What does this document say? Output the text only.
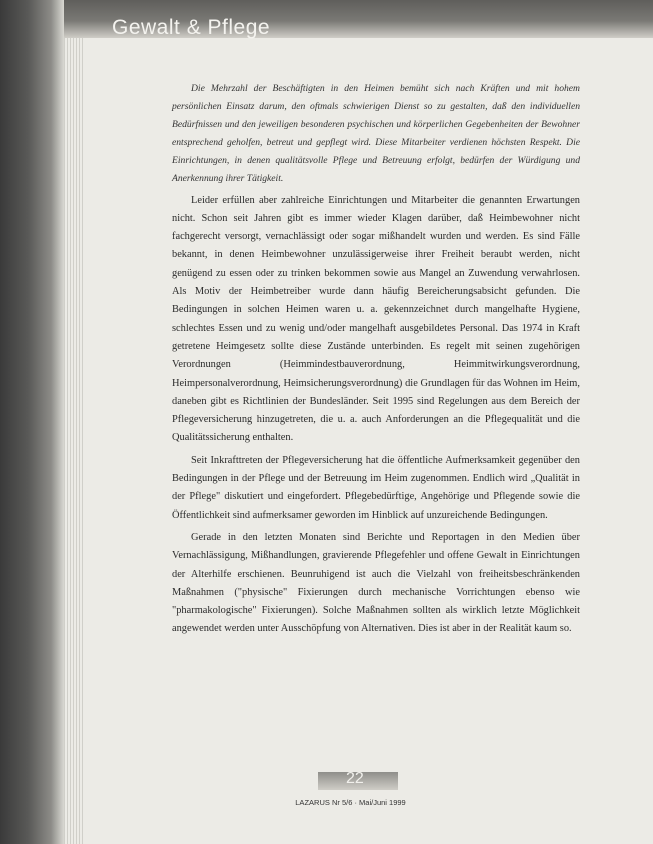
Gewalt & Pflege

Die Mehrzahl der Beschäftigten in den Heimen bemüht sich nach Kräften und mit hohem persönlichen Einsatz darum, den oftmals schwierigen Dienst so zu gestalten, daß den individuellen Bedürfnissen und den jeweiligen besonderen psychischen und körperlichen Gegebenheiten der Bewohner entsprechend geholfen, betreut und gepflegt wird. Diese Mitarbeiter verdienen höchsten Respekt. Die Einrichtungen, in denen qualitätsvolle Pflege und Betreuung erfolgt, bedürfen der Würdigung und Anerkennung ihrer Tätigkeit.

Leider erfüllen aber zahlreiche Einrichtungen und Mitarbeiter die genannten Erwartungen nicht. Schon seit Jahren gibt es immer wieder Klagen darüber, daß Heimbewohner nicht fachgerecht versorgt, vernachlässigt oder sogar mißhandelt wurden und werden. Es sind Fälle bekannt, in denen Heimbewohner unzulässigerweise ihrer Freiheit beraubt werden, nicht genügend zu essen oder zu trinken bekommen sowie aus Mangel an Zuwendung verwahrlosen. Als Motiv der Heimbetreiber wurde dann häufig Bereicherungsabsicht gefunden. Die Bedingungen in solchen Heimen waren u. a. gekennzeichnet durch mangelhafte Hygiene, schlechtes Essen und zu wenig und/oder mangelhaft ausgebildetes Personal. Das 1974 in Kraft getretene Heimgesetz sollte diese Zustände unterbinden. Es regelt mit seinen zugehörigen Verordnungen (Heimmindestbauverordnung, Heimmitwirkungsverordnung, Heimpersonalverordnung, Heimsicherungsverordnung) die Grundlagen für das Wohnen im Heim, daneben gibt es Richtlinien der Bundesländer. Seit 1995 sind Regelungen aus dem Bereich der Pflegeversicherung hinzugetreten, die u. a. auch Anforderungen an die Pflegequalität und die Qualitätssicherung enthalten.

Seit Inkrafttreten der Pflegeversicherung hat die öffentliche Aufmerksamkeit gegenüber den Bedingungen in der Pflege und der Betreuung im Heim zugenommen. Endlich wird „Qualität in der Pflege" diskutiert und eingefordert. Pflegebedürftige, Angehörige und Pflegende sowie die Öffentlichkeit sind aufmerksamer geworden im Hinblick auf unzureichende Bedingungen.

Gerade in den letzten Monaten sind Berichte und Reportagen in den Medien über Vernachlässigung, Mißhandlungen, gravierende Pflegefehler und offene Gewalt in Einrichtungen der Alterhilfe erschienen. Beunruhigend ist auch die Vielzahl von freiheitsbeschränkenden Maßnahmen ("physische" Fixierungen durch mechanische Vorrichtungen ebenso wie "pharmakologische" Fixierungen). Solche Maßnahmen sollten als wirklich letzte Möglichkeit angewendet werden unter Ausschöpfung von Alternativen. Dies ist aber in der Realität kaum so.

22
LAZARUS Nr 5/6 · Mai/Juni 1999
